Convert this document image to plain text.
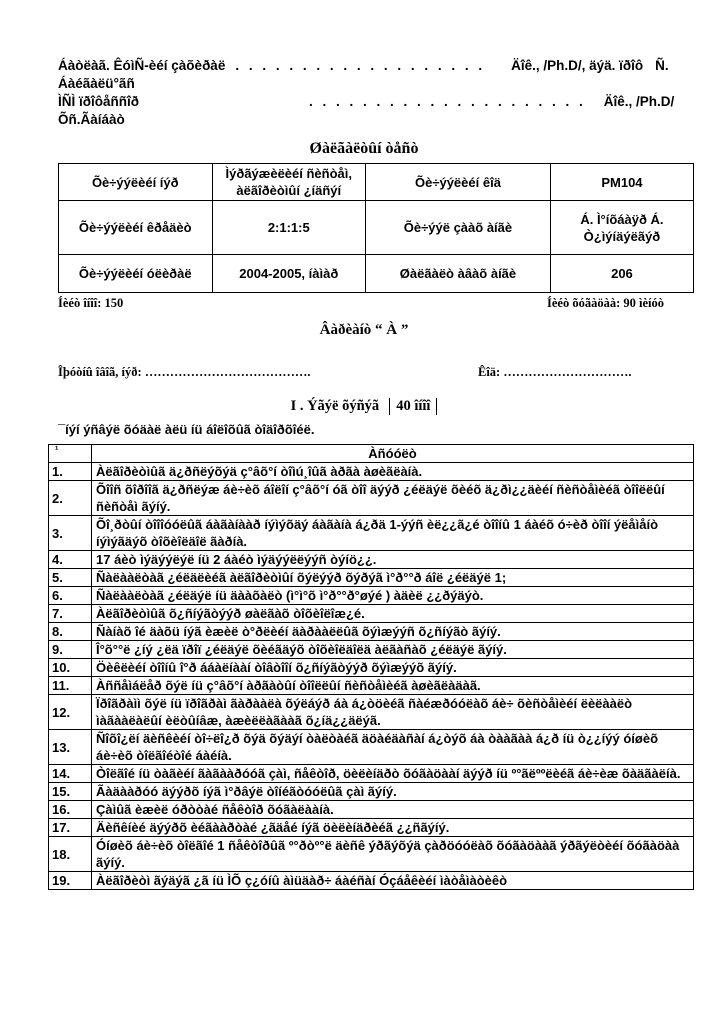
Áàòëàã. ÊóìÑ-èéí çàõèðàë . . . . . . . . . . . . . . . . . . . Äîê., /Ph.D/, äýä. ïðîô Ñ.
Áàéãàëü°ãñ
ÌÑÌ ïðîôåññîð	. . . . . . . . . . . . . . . . . . . . . Äîê., /Ph.D/
Õñ.Ãàíáàò
Øàëãàëòûí òåñò
Õè÷ýýëèéí íýð	Ìýðãýæèëèéí ñèñòåì, àëãîðèòìûí ¿íäñýí	Õè÷ýýëèéí êîä	PM104
Õè÷ýýëèéí êðåäèò	2:1:1:5	Õè÷ýýë çààõ àíãè	Á. Ì°íõáàÿð Á. Ò¿ìýíäýëãýð
Õè÷ýýëèéí óëèðàë	2004-2005, íàìàð	Øàëãàëò àâàõ àíãè	206
Íèéò îíîî: 150	Íèéò õóãàöàà: 90 ìèíóò
Âàðèàíò “ À ”
Îþóòíû îâîã, íýð: ………………………………….	Êîä: ………………………….
I . Ýãýë õýñýã 40 îíîî
¯íýí ýñâýë õóäàë àëü íü áîëîõûã òîäîðõîéë.
¹	Àñóóëò
1.	Àëãîðèòìûã ä¿ðñëýõýä ç°âõ°í òîìú¸îûã àðãà àøèãëàíà.
2.	Õîîñ õîðîîã ä¿ðñëýæ áè÷èõ áîëîí ç°âõ°í óã òîî äýýð ¿éëäýë õèéõ ä¿ðì¿¿äèéí ñèñòåìèéã òîîëëûí ñèñòåì ãýíý.
3.	Õî¸ðòûí òîîîóóëûã áàãàíààð íýìýõäý áàãàíà á¿ðä 1-ýýñ èë¿¿ã¿é òîîíû 1 áàéõ ó÷èð òîîí ýëåìåíò íýìýãäýõ òîõèîëäîë ãàðíà.
4.	17 áèò ìýäýýëýë íü 2 áàéò ìýäýýëëýýñ òýíö¿¿.
5.	Ñàëààëòàã ¿éëäëèéã àëãîðèòìûí õýëýýð õýðýã ì°ð°°ð áîë ¿éëäýë 1;
6.	Ñàëààëòàã ¿éëäýë íü äààõàëò (ì°ì°õ ì°ð°°ð°øýé ) àäèë ¿¿ðýäýò.
7.	Àëãîðèòìûã õ¿ñíýãòýýð øàëãàõ òîõèîëîæ¿é.
8.	Ñàíàõ îé äàõü íýã èæèë ò°ðëèéí äàðààëëûã õýìæýýñ õ¿ñíýãò ãýíý.
9.	Î°õ°°ë ¿íý ¿ëä ïðîï ¿éëäýë õèéãäýõ òîõèîëäîëä àëãàñàõ ¿éëäýë ãýíý.
10.	Öèêëèéí òîîíû î°ð ááàëíààí òîâòîîí õ¿ñíýãòýýð õýìæýýõ ãýíý.
11.	Àññåìáëåð õýë íü ç°âõ°í àðãàòûí òîîëëûí ñèñòåìèéã àøèãëàäàã.
12.	Ïðîãðàìì õýë íü ïðîãðàì ãàðààëà õýëáýð áà á¿òöèéã ñàéæðóóëàõ áè÷ õèñòåìèéí ëèëààëò ìàãààëàëûí èëòûíâæ, àæèëëàãààã õ¿íä¿¿äëýã.
13.	Ñîõî¿ëí äèñêèéí òî÷ëî¿ð õýä õýäýí òàëòàéã äöàéäàñàí á¿òýõ áà òààãàà á¿ð íü ò¿¿íýý óíøèõ áè÷èõ òîëãîéòîé áàéíà.
14.	Òîëãîé íü òàãèéí ãàãààðóóã çàì, ñåêòîð, öèëèíäðò õóãàöààí äýýð íü º°ãëººëèéã áè÷èæ õàäãàëíà.
15.	Ãàäààðóó äýýðõ íýã ì°ðâýë òîíéãòóóëûã çàì ãýíý.
16.	Çàìûã èæèë óðòòàé ñåêòîð õóãàëààíà.
17.	Äèñêíèé äýýðõ èéãààðòàé ¿ãäåé íýã öèëèíäðèéã ¿¿ñãýíý.
18.	Óíøèõ áè÷èõ òîëãîé 1 ñåêòîðûã º°ðòº°ë äèñê ýðãýõýä çàðöóóëàõ õóãàöààã ýðãýëòèéí õóãàöàà ãýíý.
19.	Àëãîðèòì ãýäýã ¿ã íü ÌÕ ç¿óíû àìüäàð÷ áàéñàí Óçáåêèéí ìàòåìàòèêò
